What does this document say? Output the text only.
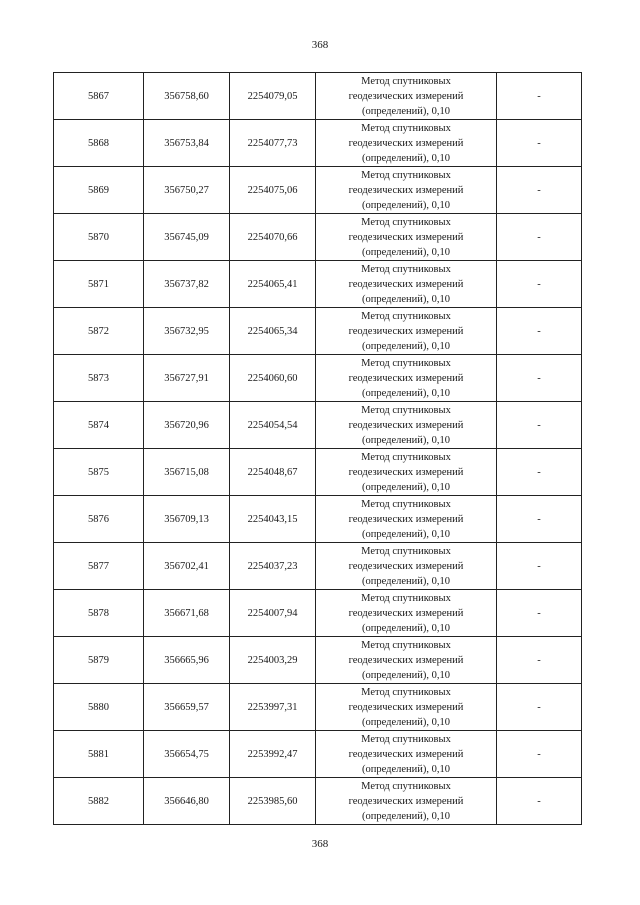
368
5867	356758,60	2254079,05	Метод спутниковых
геодезических измерений
(определений), 0,10	-
5868	356753,84	2254077,73	Метод спутниковых
геодезических измерений
(определений), 0,10	-
5869	356750,27	2254075,06	Метод спутниковых
геодезических измерений
(определений), 0,10	-
5870	356745,09	2254070,66	Метод спутниковых
геодезических измерений
(определений), 0,10	-
5871	356737,82	2254065,41	Метод спутниковых
геодезических измерений
(определений), 0,10	-
5872	356732,95	2254065,34	Метод спутниковых
геодезических измерений
(определений), 0,10	-
5873	356727,91	2254060,60	Метод спутниковых
геодезических измерений
(определений), 0,10	-
5874	356720,96	2254054,54	Метод спутниковых
геодезических измерений
(определений), 0,10	-
5875	356715,08	2254048,67	Метод спутниковых
геодезических измерений
(определений), 0,10	-
5876	356709,13	2254043,15	Метод спутниковых
геодезических измерений
(определений), 0,10	-
5877	356702,41	2254037,23	Метод спутниковых
геодезических измерений
(определений), 0,10	-
5878	356671,68	2254007,94	Метод спутниковых
геодезических измерений
(определений), 0,10	-
5879	356665,96	2254003,29	Метод спутниковых
геодезических измерений
(определений), 0,10	-
5880	356659,57	2253997,31	Метод спутниковых
геодезических измерений
(определений), 0,10	-
5881	356654,75	2253992,47	Метод спутниковых
геодезических измерений
(определений), 0,10	-
5882	356646,80	2253985,60	Метод спутниковых
геодезических измерений
(определений), 0,10	-
368
